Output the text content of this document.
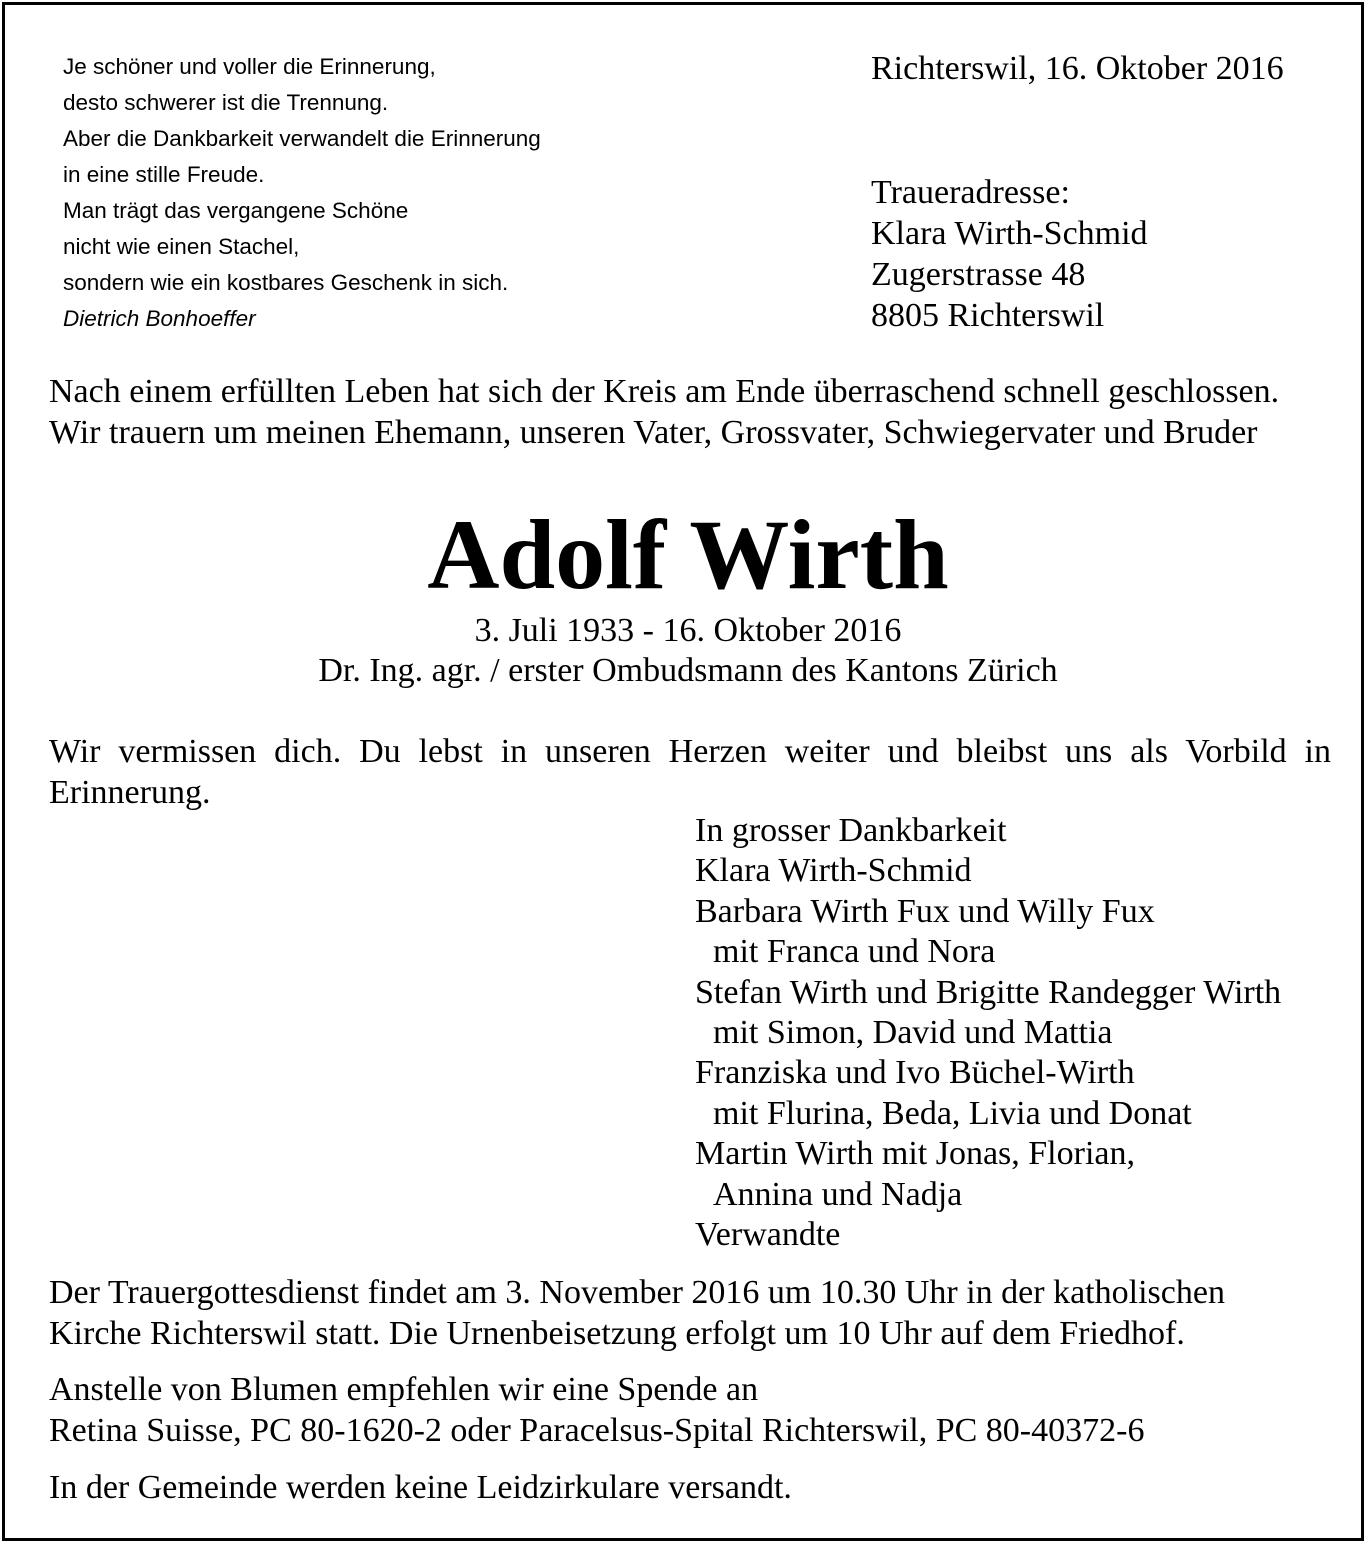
Je schöner und voller die Erinnerung,
desto schwerer ist die Trennung.
Aber die Dankbarkeit verwandelt die Erinnerung
in eine stille Freude.
Man trägt das vergangene Schöne
nicht wie einen Stachel,
sondern wie ein kostbares Geschenk in sich.
Dietrich Bonhoeffer
Richterswil, 16. Oktober 2016
Traueradresse:
Klara Wirth-Schmid
Zugerstrasse 48
8805 Richterswil
Nach einem erfüllten Leben hat sich der Kreis am Ende überraschend schnell geschlossen.
Wir trauern um meinen Ehemann, unseren Vater, Grossvater, Schwiegervater und Bruder
Adolf Wirth
3. Juli 1933 - 16. Oktober 2016
Dr. Ing. agr. / erster Ombudsmann des Kantons Zürich
Wir vermissen dich. Du lebst in unseren Herzen weiter und bleibst uns als Vorbild in
Erinnerung.
In grosser Dankbarkeit
Klara Wirth-Schmid
Barbara Wirth Fux und Willy Fux
mit Franca und Nora
Stefan Wirth und Brigitte Randegger Wirth
mit Simon, David und Mattia
Franziska und Ivo Büchel-Wirth
mit Flurina, Beda, Livia und Donat
Martin Wirth mit Jonas, Florian,
Annina und Nadja
Verwandte
Der Trauergottesdienst findet am 3. November 2016 um 10.30 Uhr in der katholischen
Kirche Richterswil statt. Die Urnenbeisetzung erfolgt um 10 Uhr auf dem Friedhof.
Anstelle von Blumen empfehlen wir eine Spende an
Retina Suisse, PC 80-1620-2 oder Paracelsus-Spital Richterswil, PC 80-40372-6
In der Gemeinde werden keine Leidzirkulare versandt.
